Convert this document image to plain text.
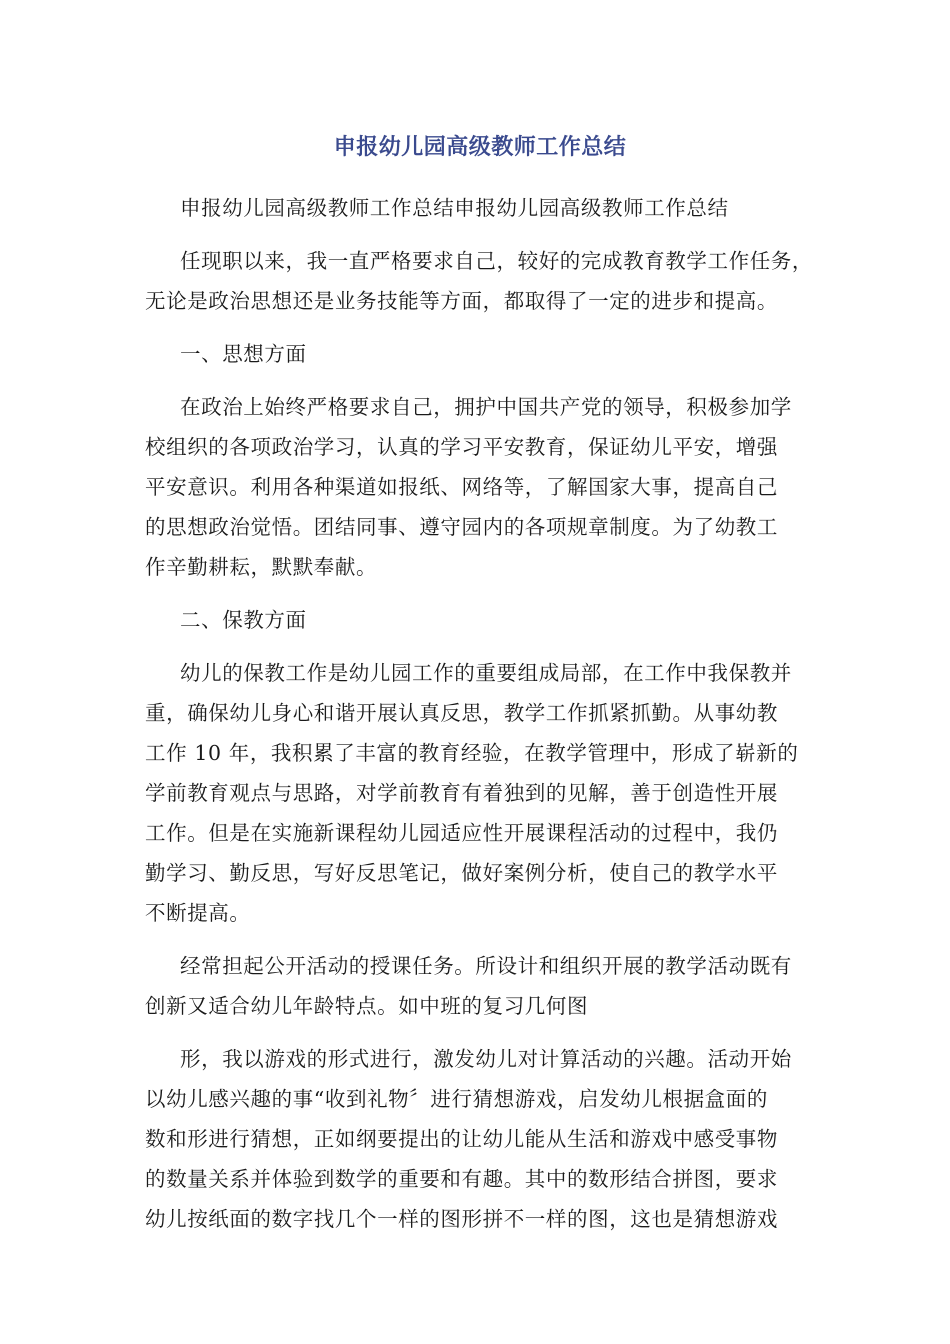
申报幼儿园高级教师工作总结
申报幼儿园高级教师工作总结申报幼儿园高级教师工作总结
任现职以来，我一直严格要求自己，较好的完成教育教学工作任务，
无论是政治思想还是业务技能等方面，都取得了一定的进步和提高。
一、思想方面
在政治上始终严格要求自己，拥护中国共产党的领导，积极参加学
校组织的各项政治学习，认真的学习平安教育，保证幼儿平安，增强
平安意识。利用各种渠道如报纸、网络等，了解国家大事，提高自己
的思想政治觉悟。团结同事、遵守园内的各项规章制度。为了幼教工
作辛勤耕耘，默默奉献。
二、保教方面
幼儿的保教工作是幼儿园工作的重要组成局部，在工作中我保教并
重，确保幼儿身心和谐开展认真反思，教学工作抓紧抓勤。从事幼教
工作 10 年，我积累了丰富的教育经验，在教学管理中，形成了崭新的
学前教育观点与思路，对学前教育有着独到的见解，善于创造性开展
工作。但是在实施新课程幼儿园适应性开展课程活动的过程中，我仍
勤学习、勤反思，写好反思笔记，做好案例分析，使自己的教学水平
不断提高。
经常担起公开活动的授课任务。所设计和组织开展的教学活动既有
创新又适合幼儿年龄特点。如中班的复习几何图
形，我以游戏的形式进行，激发幼儿对计算活动的兴趣。活动开始
以幼儿感兴趣的事“收到礼物〞进行猜想游戏，启发幼儿根据盒面的
数和形进行猜想，正如纲要提出的让幼儿能从生活和游戏中感受事物
的数量关系并体验到数学的重要和有趣。其中的数形结合拼图，要求
幼儿按纸面的数字找几个一样的图形拼不一样的图，这也是猜想游戏
